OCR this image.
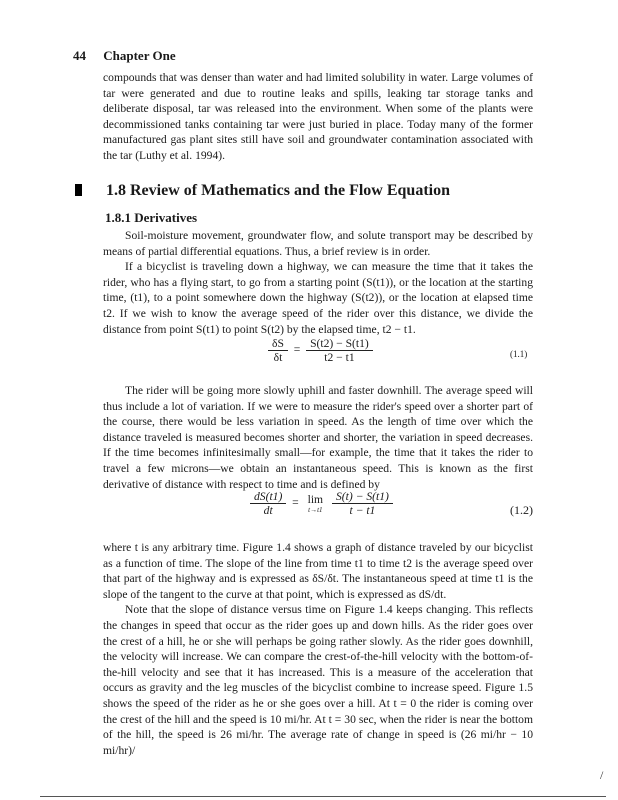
44 Chapter One
compounds that was denser than water and had limited solubility in water. Large volumes of tar were generated and due to routine leaks and spills, leaking tar storage tanks and deliberate disposal, tar was released into the environment. When some of the plants were decommissioned tanks containing tar were just buried in place. Today many of the former manufactured gas plant sites still have soil and groundwater contamination associated with the tar (Luthy et al. 1994).
1.8 Review of Mathematics and the Flow Equation
1.8.1 Derivatives
Soil-moisture movement, groundwater flow, and solute transport may be described by means of partial differential equations. Thus, a brief review is in order.
If a bicyclist is traveling down a highway, we can measure the time that it takes the rider, who has a flying start, to go from a starting point (S(t1)), or the location at the starting time, (t1), to a point somewhere down the highway (S(t2)), or the location at elapsed time t2. If we wish to know the average speed of the rider over this distance, we divide the distance from point S(t1) to point S(t2) by the elapsed time, t2 − t1.
$\frac{\delta S}{\delta t} = \frac{S(t2) - S(t1)}{t2 - t1}$	(1.1)
The rider will be going more slowly uphill and faster downhill. The average speed will thus include a lot of variation. If we were to measure the rider's speed over a shorter part of the course, there would be less variation in speed. As the length of time over which the distance traveled is measured becomes shorter and shorter, the variation in speed decreases. If the time becomes infinitesimally small—for example, the time that it takes the rider to travel a few microns—we obtain an instantaneous speed. This is known as the first derivative of distance with respect to time and is defined by
$\frac{dS(t1)}{dt} = \lim$
t→t1
$\frac{S(t) - S(t1)}{t - t1}$	(1.2)
where t is any arbitrary time. Figure 1.4 shows a graph of distance traveled by our bicyclist as a function of time. The slope of the line from time t1 to time t2 is the average speed over that part of the highway and is expressed as δS/δt. The instantaneous speed at time t1 is the slope of the tangent to the curve at that point, which is expressed as dS/dt.
Note that the slope of distance versus time on Figure 1.4 keeps changing. This reflects the changes in speed that occur as the rider goes up and down hills. As the rider goes over the crest of a hill, he or she will perhaps be going rather slowly. As the rider goes downhill, the velocity will increase. We can compare the crest-of-the-hill velocity with the bottom-of-the-hill velocity and see that it has increased. This is a measure of the acceleration that occurs as gravity and the leg muscles of the bicyclist combine to increase speed. Figure 1.5 shows the speed of the rider as he or she goes over a hill. At t = 0 the rider is coming over the crest of the hill and the speed is 10 mi/hr. At t = 30 sec, when the rider is near the bottom of the hill, the speed is 26 mi/hr. The average rate of change in speed is (26 mi/hr − 10 mi/hr)/
/
